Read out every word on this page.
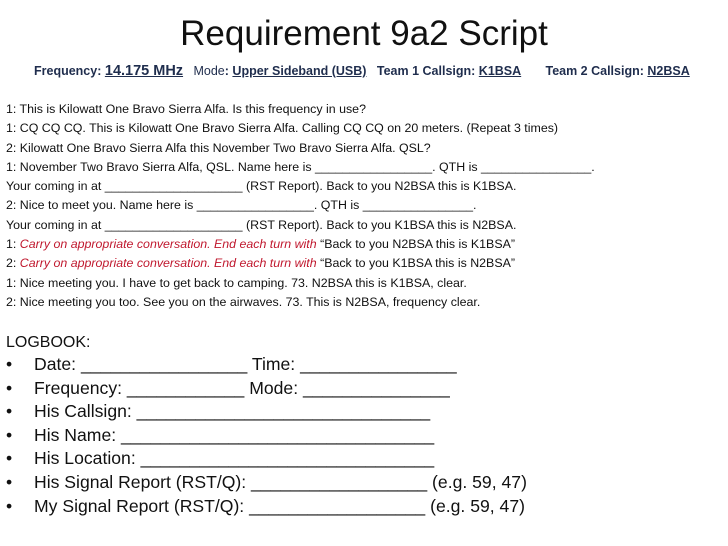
Requirement 9a2 Script
Frequency: 14.175 MHz Mode: Upper Sideband (USB) Team 1 Callsign: K1BSA Team 2 Callsign: N2BSA
1: This is Kilowatt One Bravo Sierra Alfa. Is this frequency in use?
1: CQ CQ CQ. This is Kilowatt One Bravo Sierra Alfa. Calling CQ CQ on 20 meters. (Repeat 3 times)
2: Kilowatt One Bravo Sierra Alfa this November Two Bravo Sierra Alfa. QSL?
1: November Two Bravo Sierra Alfa, QSL. Name here is _________________. QTH is ________________.
Your coming in at ____________________ (RST Report). Back to you N2BSA this is K1BSA.
2: Nice to meet you. Name here is _________________. QTH is ________________.
Your coming in at ____________________ (RST Report). Back to you K1BSA this is N2BSA.
1: Carry on appropriate conversation. End each turn with “Back to you N2BSA this is K1BSA”
2: Carry on appropriate conversation. End each turn with “Back to you K1BSA this is N2BSA”
1: Nice meeting you. I have to get back to camping. 73. N2BSA this is K1BSA, clear.
2: Nice meeting you too. See you on the airwaves. 73. This is N2BSA, frequency clear.
LOGBOOK:
• Date: _________________ Time: ________________
• Frequency: ____________ Mode: _______________
• His Callsign: ______________________________
• His Name: ________________________________
• His Location: ______________________________
• His Signal Report (RST/Q): __________________ (e.g. 59, 47)
• My Signal Report (RST/Q): __________________ (e.g. 59, 47)
